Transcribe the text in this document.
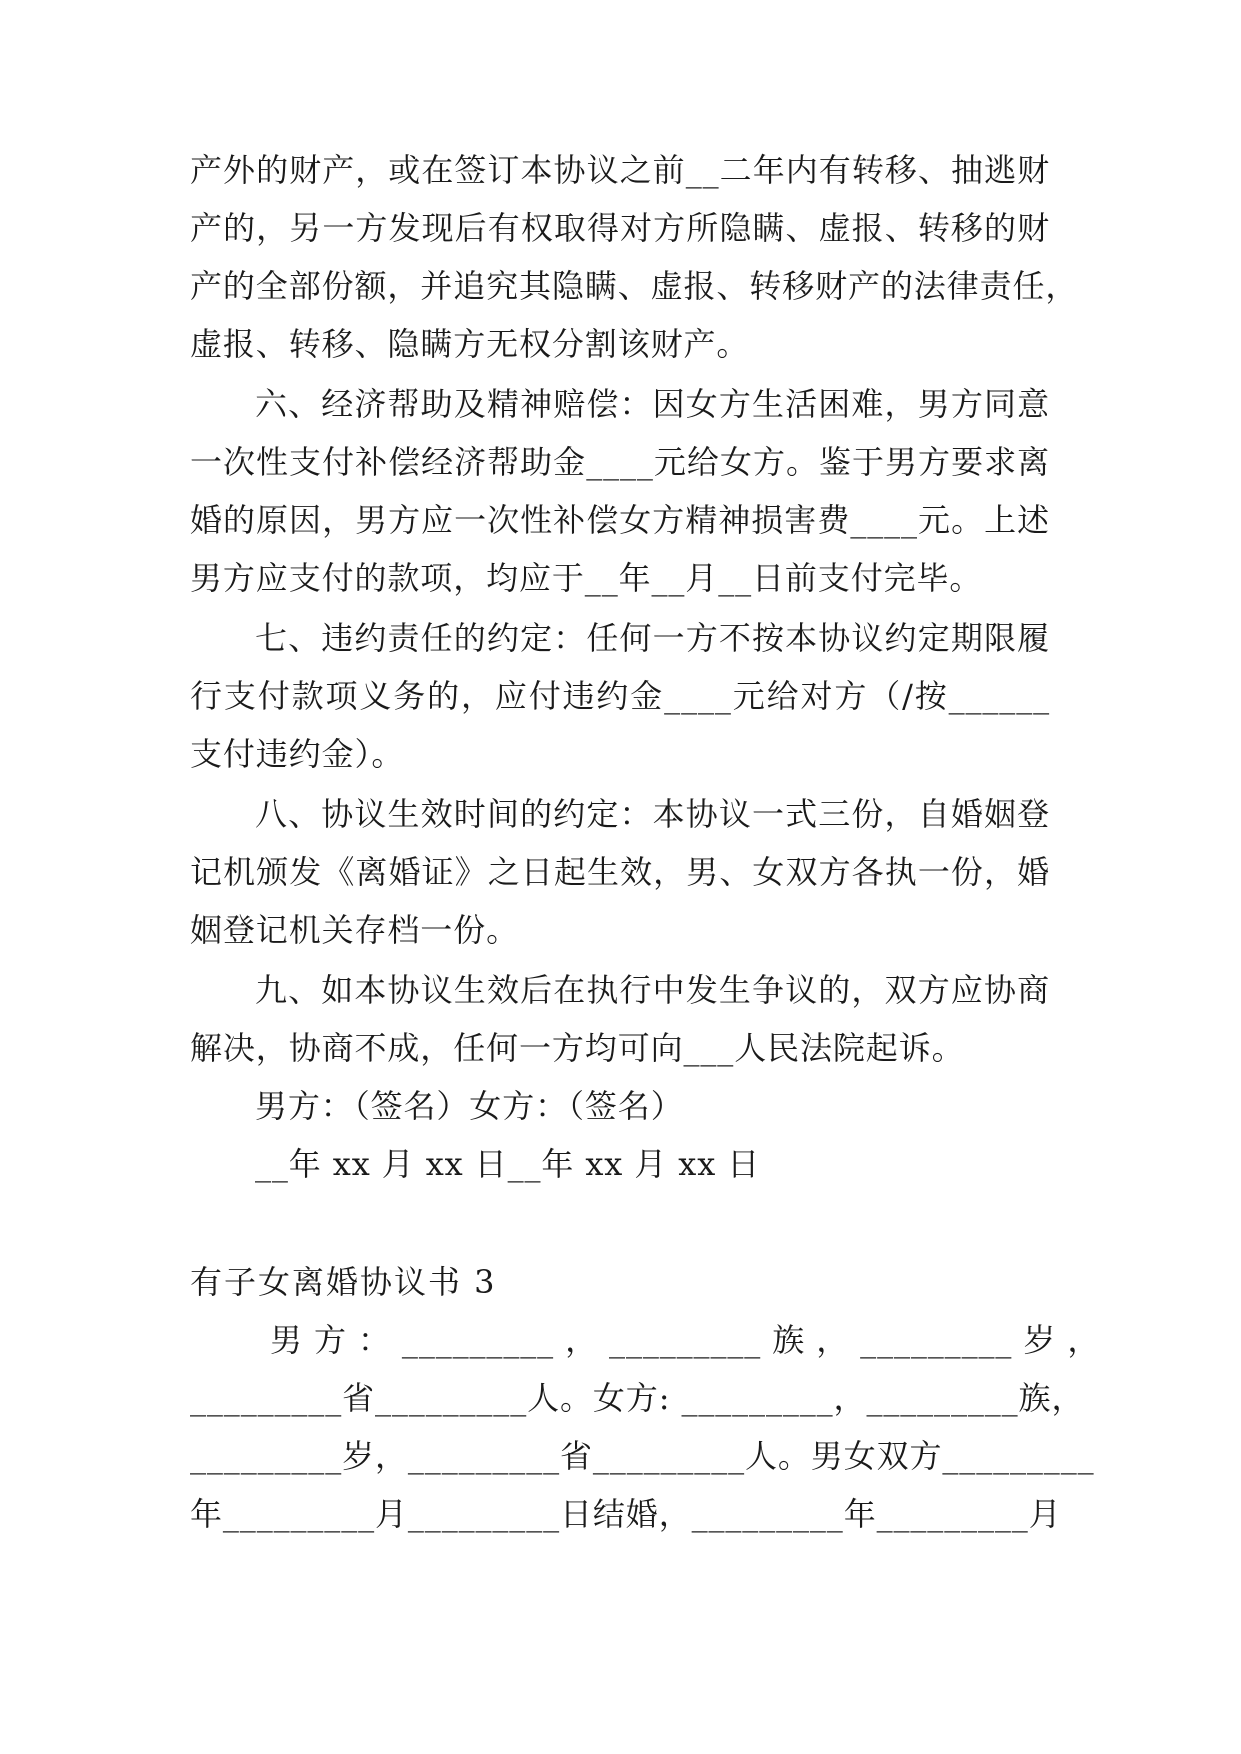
产外的财产，或在签订本协议之前__二年内有转移、抽逃财
产的，另一方发现后有权取得对方所隐瞒、虚报、转移的财
产的全部份额，并追究其隐瞒、虚报、转移财产的法律责任，
虚报、转移、隐瞒方无权分割该财产。
六、经济帮助及精神赔偿：因女方生活困难，男方同意
一次性支付补偿经济帮助金____元给女方。鉴于男方要求离
婚的原因，男方应一次性补偿女方精神损害费____元。上述
男方应支付的款项，均应于__年__月__日前支付完毕。
七、违约责任的约定：任何一方不按本协议约定期限履
行支付款项义务的，应付违约金____元给对方（/按______
支付违约金）。
八、协议生效时间的约定：本协议一式三份，自婚姻登
记机颁发《离婚证》之日起生效，男、女双方各执一份，婚
姻登记机关存档一份。
九、如本协议生效后在执行中发生争议的，双方应协商
解决，协商不成，任何一方均可向___人民法院起诉。
男方：（签名）女方：（签名）
__年 xx 月 xx 日__年 xx 月 xx 日
有子女离婚协议书 3
男 方 ： _________ ， _________ 族 ， _________ 岁 ，
_________省_________人。女方: _________，_________族，
_________岁，_________省_________人。男女双方_________
年_________月_________日结婚，_________年_________月
